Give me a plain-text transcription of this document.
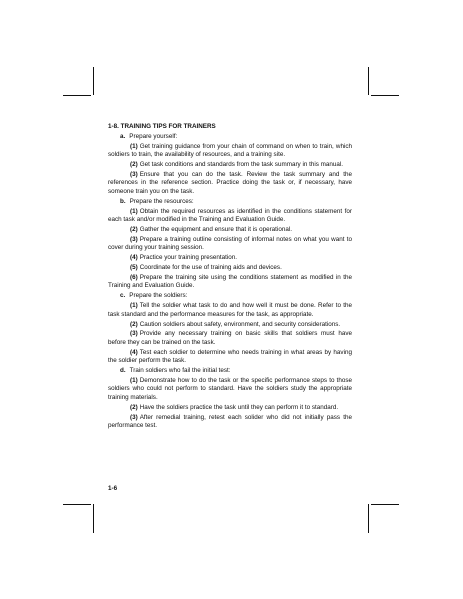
1-8. TRAINING TIPS FOR TRAINERS
a. Prepare yourself:
(1) Get training guidance from your chain of command on when to train, which soldiers to train, the availability of resources, and a training site.
(2) Get task conditions and standards from the task summary in this manual.
(3) Ensure that you can do the task. Review the task summary and the references in the reference section. Practice doing the task or, if necessary, have someone train you on the task.
b. Prepare the resources:
(1) Obtain the required resources as identified in the conditions statement for each task and/or modified in the Training and Evaluation Guide.
(2) Gather the equipment and ensure that it is operational.
(3) Prepare a training outline consisting of informal notes on what you want to cover during your training session.
(4) Practice your training presentation.
(5) Coordinate for the use of training aids and devices.
(6) Prepare the training site using the conditions statement as modified in the Training and Evaluation Guide.
c. Prepare the soldiers:
(1) Tell the soldier what task to do and how well it must be done. Refer to the task standard and the performance measures for the task, as appropriate.
(2) Caution soldiers about safety, environment, and security considerations.
(3) Provide any necessary training on basic skills that soldiers must have before they can be trained on the task.
(4) Test each soldier to determine who needs training in what areas by having the soldier perform the task.
d. Train soldiers who fail the initial test:
(1) Demonstrate how to do the task or the specific performance steps to those soldiers who could not perform to standard. Have the soldiers study the appropriate training materials.
(2) Have the soldiers practice the task until they can perform it to standard.
(3) After remedial training, retest each solider who did not initially pass the performance test.
1-6
